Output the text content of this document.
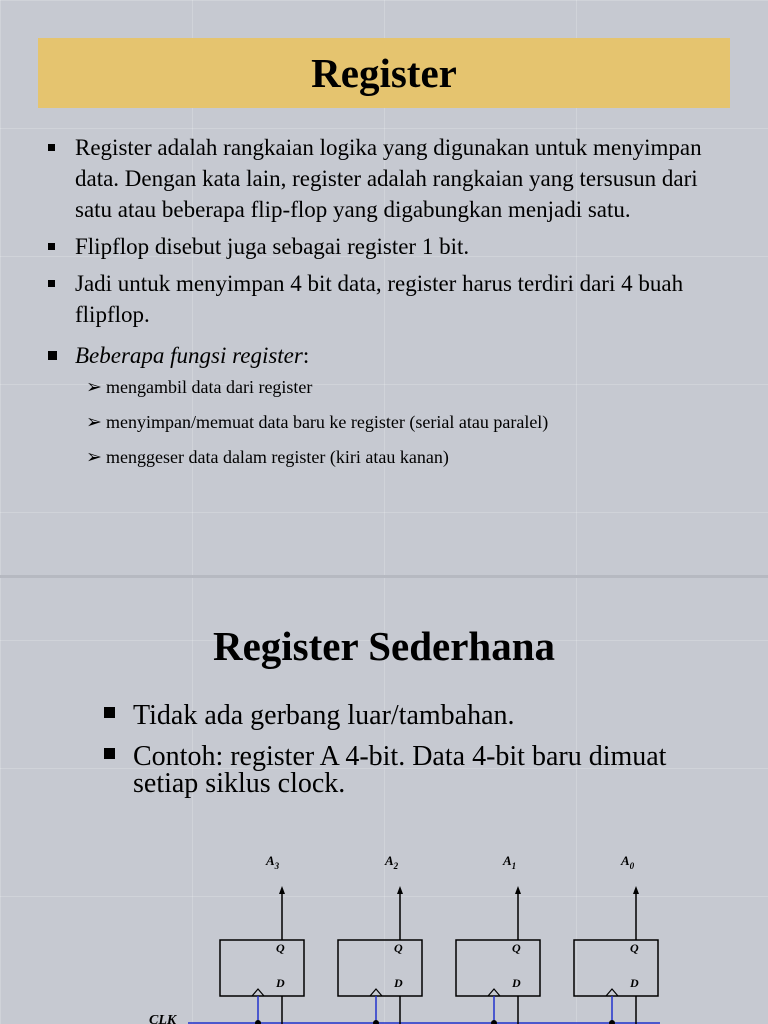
Register
Register adalah rangkaian logika yang digunakan untuk menyimpan data. Dengan kata lain, register adalah rangkaian yang tersusun dari satu atau beberapa flip-flop yang digabungkan menjadi satu.
Flipflop disebut juga sebagai register 1 bit.
Jadi untuk menyimpan 4 bit data, register harus terdiri dari 4 buah flipflop.
Beberapa fungsi register:
➢ mengambil data dari register
➢ menyimpan/memuat data baru ke register (serial atau paralel)
➢ menggeser data dalam register (kiri atau kanan)
Register Sederhana
Tidak ada gerbang luar/tambahan.
Contoh: register A 4-bit. Data 4-bit baru dimuat setiap siklus clock.
CLK
$A_3$
Q
D
$A_2$
Q
D
$A_1$
Q
D
$A_0$
Q
D
